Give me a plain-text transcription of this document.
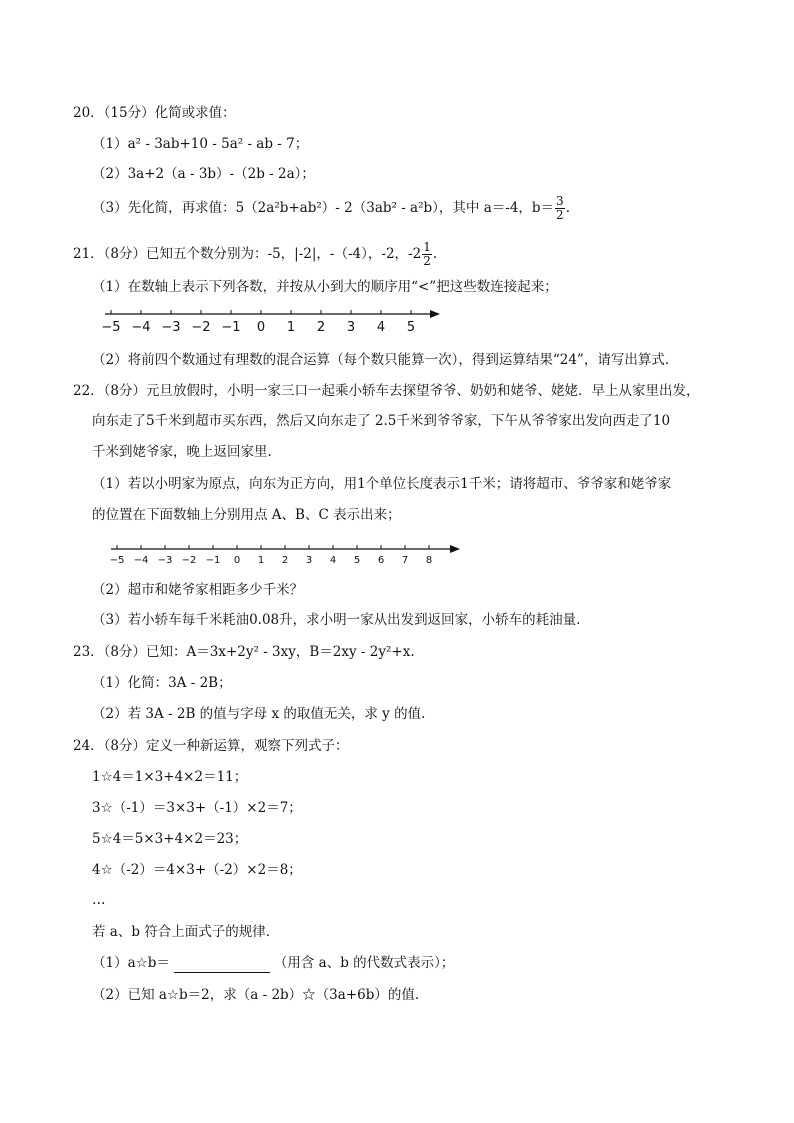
20．（15分）化简或求值：
（1）a² - 3ab+10 - 5a² - ab - 7；
（2）3a+2（a - 3b）-（2b - 2a）；
（3）先化简，再求值：5（2a²b+ab²）- 2（3ab² - a²b），其中 a＝-4，$b= \frac{3}{2}$ .
21．（8分）已知五个数分别为：-5，|-2|，-（-4），-2，$-2 \frac{1}{2}$ .
（1）在数轴上表示下列各数，并按从小到大的顺序用“<”把这些数连接起来；
−5 −4 −3 −2 −1 0 1 2 3 4 5
（2）将前四个数通过有理数的混合运算（每个数只能算一次），得到运算结果“24”，请写出算式.
22．（8分）元旦放假时，小明一家三口一起乘小轿车去探望爷爷、奶奶和姥爷、姥姥．早上从家里出发，
向东走了5千米到超市买东西，然后又向东走了 2.5千米到爷爷家，下午从爷爷家出发向西走了10
千米到姥爷家，晚上返回家里．
（1）若以小明家为原点，向东为正方向，用1个单位长度表示1千米；请将超市、爷爷家和姥爷家
的位置在下面数轴上分别用点 A、B、C 表示出来；
−5 −4 −3 −2 −1 0 1 2 3 4 5 6 7 8
（2）超市和姥爷家相距多少千米？
（3）若小轿车每千米耗油0.08升，求小明一家从出发到返回家，小轿车的耗油量.
23．（8分）已知：A＝3x+2y² - 3xy，B＝2xy - 2y²+x.
（1）化简：3A - 2B；
（2）若 3A - 2B 的值与字母 x 的取值无关，求 y 的值.
24．（8分）定义一种新运算，观察下列式子：
1☆4＝1×3+4×2＝11；
3☆（-1）＝3×3+（-1）×2＝7；
5☆4＝5×3+4×2＝23；
4☆（-2）＝4×3+（-2）×2＝8；
…
若 a、b 符合上面式子的规律．
（1）a☆b＝	（用含 a、b 的代数式表示）；
（2）已知 a☆b＝2，求（a - 2b）☆（3a+6b）的值.
